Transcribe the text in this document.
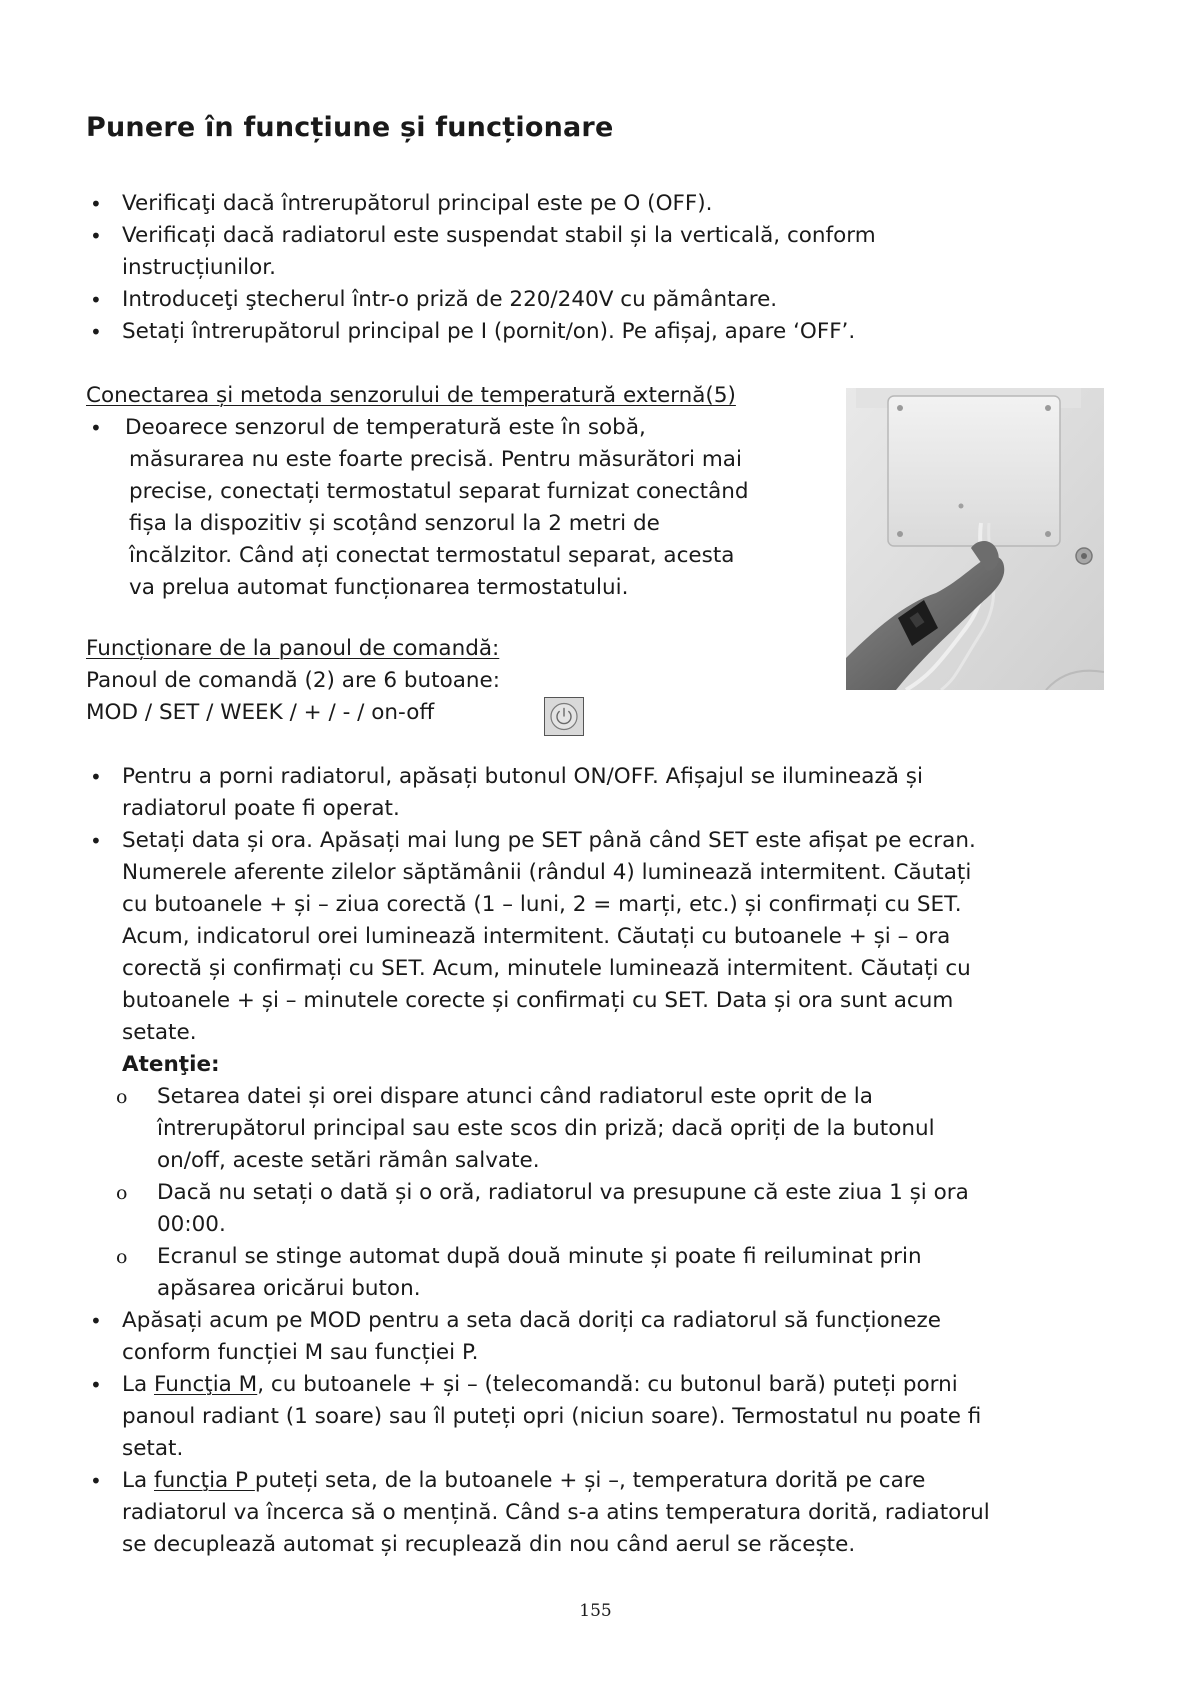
Punere în funcțiune și funcționare
• Verificaţi dacă întrerupătorul principal este pe O (OFF).
• Verificați dacă radiatorul este suspendat stabil și la verticală, conform
instrucțiunilor.
• Introduceţi ştecherul într-o priză de 220/240V cu pământare.
• Setați întrerupătorul principal pe I (pornit/on). Pe afișaj, apare ‘OFF’.
Conectarea și metoda senzorului de temperatură externă(5)
• Deoarece senzorul de temperatură este în sobă,
măsurarea nu este foarte precisă. Pentru măsurători mai
precise, conectați termostatul separat furnizat conectând
fișa la dispozitiv și scoțând senzorul la 2 metri de
încălzitor. Când ați conectat termostatul separat, acesta
va prelua automat funcționarea termostatului.
Funcționare de la panoul de comandă:
Panoul de comandă (2) are 6 butoane:
MOD / SET / WEEK / + / - / on-off
• Pentru a porni radiatorul, apăsați butonul ON/OFF. Afișajul se iluminează și
radiatorul poate fi operat.
• Setați data și ora. Apăsați mai lung pe SET până când SET este afișat pe ecran.
Numerele aferente zilelor săptămânii (rândul 4) luminează intermitent. Căutați
cu butoanele + și – ziua corectă (1 – luni, 2 = marți, etc.) și confirmați cu SET.
Acum, indicatorul orei luminează intermitent. Căutați cu butoanele + și – ora
corectă și confirmați cu SET. Acum, minutele luminează intermitent. Căutați cu
butoanele + și – minutele corecte și confirmați cu SET. Data și ora sunt acum
setate.
Atenţie:
o Setarea datei și orei dispare atunci când radiatorul este oprit de la
întrerupătorul principal sau este scos din priză; dacă opriți de la butonul
on/off, aceste setări rămân salvate.
o Dacă nu setați o dată și o oră, radiatorul va presupune că este ziua 1 și ora
00:00.
o Ecranul se stinge automat după două minute și poate fi reiluminat prin
apăsarea oricărui buton.
• Apăsați acum pe MOD pentru a seta dacă doriți ca radiatorul să funcționeze
conform funcției M sau funcției P.
• La Funcţia M, cu butoanele + și – (telecomandă: cu butonul bară) puteți porni
panoul radiant (1 soare) sau îl puteți opri (niciun soare). Termostatul nu poate fi
setat.
• La funcţia P puteți seta, de la butoanele + și –, temperatura dorită pe care
radiatorul va încerca să o mențină. Când s-a atins temperatura dorită, radiatorul
se decuplează automat și recuplează din nou când aerul se răcește.
155
